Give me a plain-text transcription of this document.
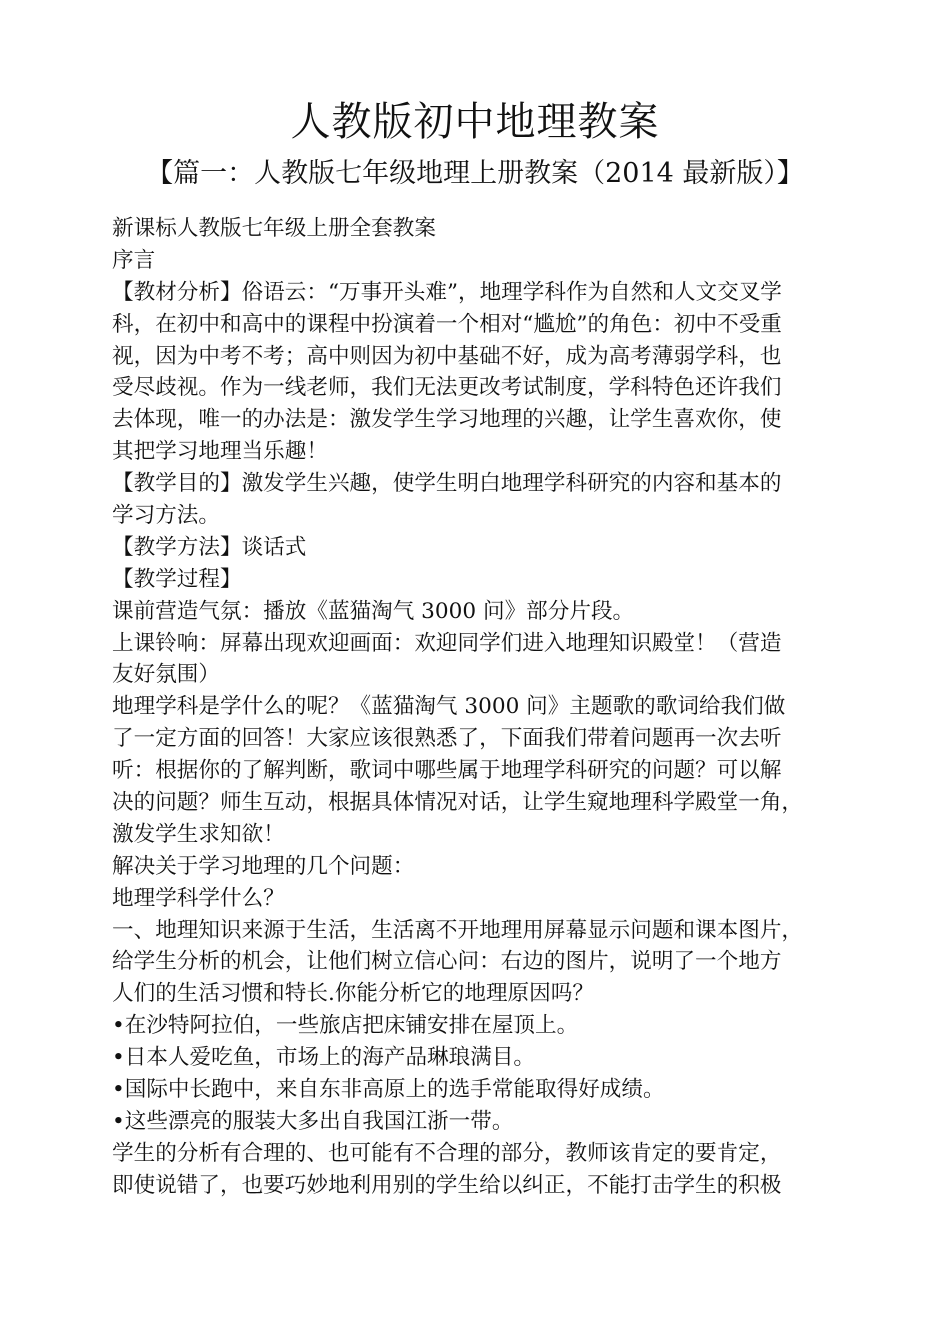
人教版初中地理教案
【篇一：人教版七年级地理上册教案（2014 最新版）】
新课标人教版七年级上册全套教案
序言
【教材分析】俗语云：“万事开头难”，地理学科作为自然和人文交叉学
科，在初中和高中的课程中扮演着一个相对“尴尬”的角色：初中不受重
视，因为中考不考；高中则因为初中基础不好，成为高考薄弱学科，也
受尽歧视。作为一线老师，我们无法更改考试制度，学科特色还许我们
去体现，唯一的办法是：激发学生学习地理的兴趣，让学生喜欢你，使
其把学习地理当乐趣！
【教学目的】激发学生兴趣，使学生明白地理学科研究的内容和基本的
学习方法。
【教学方法】谈话式
【教学过程】
课前营造气氛：播放《蓝猫淘气 3000 问》部分片段。
上课铃响：屏幕出现欢迎画面：欢迎同学们进入地理知识殿堂！（营造
友好氛围）
地理学科是学什么的呢？《蓝猫淘气 3000 问》主题歌的歌词给我们做
了一定方面的回答！大家应该很熟悉了，下面我们带着问题再一次去听
听：根据你的了解判断，歌词中哪些属于地理学科研究的问题？可以解
决的问题？师生互动，根据具体情况对话，让学生窥地理科学殿堂一角，
激发学生求知欲！
解决关于学习地理的几个问题：
地理学科学什么？
一、地理知识来源于生活，生活离不开地理用屏幕显示问题和课本图片，
给学生分析的机会，让他们树立信心问：右边的图片，说明了一个地方
人们的生活习惯和特长.你能分析它的地理原因吗？
•在沙特阿拉伯，一些旅店把床铺安排在屋顶上。
•日本人爱吃鱼，市场上的海产品琳琅满目。
•国际中长跑中，来自东非高原上的选手常能取得好成绩。
•这些漂亮的服装大多出自我国江浙一带。
学生的分析有合理的、也可能有不合理的部分，教师该肯定的要肯定，
即使说错了，也要巧妙地利用别的学生给以纠正，不能打击学生的积极
